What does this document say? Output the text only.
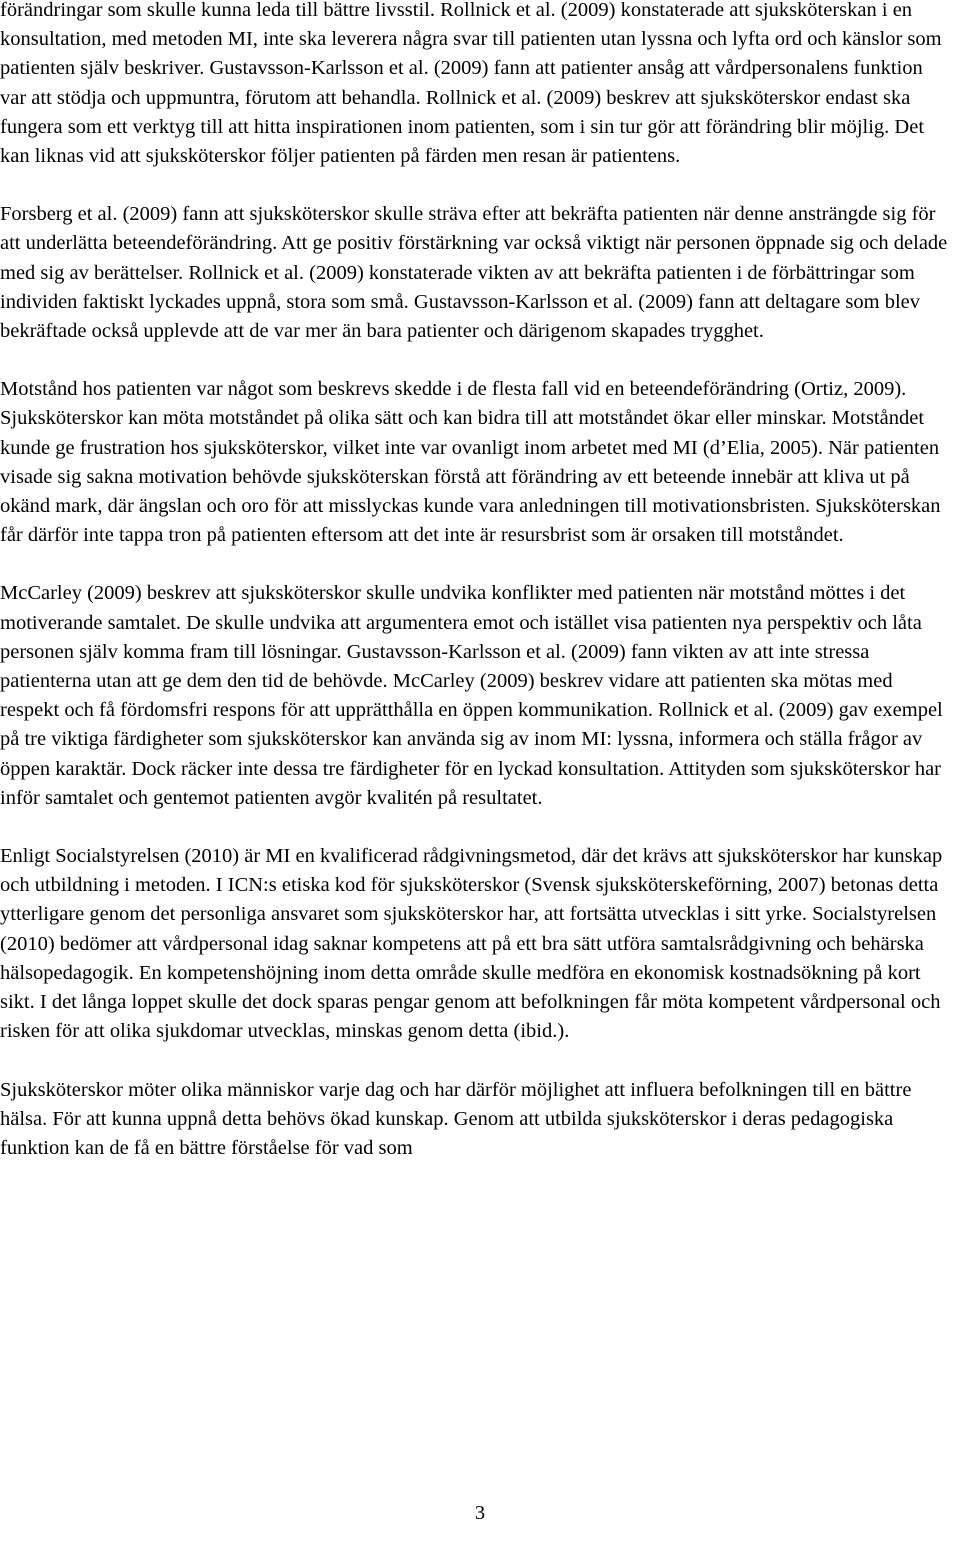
förändringar som skulle kunna leda till bättre livsstil. Rollnick et al. (2009) konstaterade att sjuksköterskan i en konsultation, med metoden MI, inte ska leverera några svar till patienten utan lyssna och lyfta ord och känslor som patienten själv beskriver. Gustavsson-Karlsson et al. (2009) fann att patienter ansåg att vårdpersonalens funktion var att stödja och uppmuntra, förutom att behandla. Rollnick et al. (2009) beskrev att sjuksköterskor endast ska fungera som ett verktyg till att hitta inspirationen inom patienten, som i sin tur gör att förändring blir möjlig. Det kan liknas vid att sjuksköterskor följer patienten på färden men resan är patientens.

Forsberg et al. (2009) fann att sjuksköterskor skulle sträva efter att bekräfta patienten när denne ansträngde sig för att underlätta beteendeförändring. Att ge positiv förstärkning var också viktigt när personen öppnade sig och delade med sig av berättelser. Rollnick et al. (2009) konstaterade vikten av att bekräfta patienten i de förbättringar som individen faktiskt lyckades uppnå, stora som små. Gustavsson-Karlsson et al. (2009) fann att deltagare som blev bekräftade också upplevde att de var mer än bara patienter och därigenom skapades trygghet.

Motstånd hos patienten var något som beskrevs skedde i de flesta fall vid en beteendeförändring (Ortiz, 2009). Sjuksköterskor kan möta motståndet på olika sätt och kan bidra till att motståndet ökar eller minskar. Motståndet kunde ge frustration hos sjuksköterskor, vilket inte var ovanligt inom arbetet med MI (d’Elia, 2005). När patienten visade sig sakna motivation behövde sjuksköterskan förstå att förändring av ett beteende innebär att kliva ut på okänd mark, där ängslan och oro för att misslyckas kunde vara anledningen till motivationsbristen. Sjuksköterskan får därför inte tappa tron på patienten eftersom att det inte är resursbrist som är orsaken till motståndet.

McCarley (2009) beskrev att sjuksköterskor skulle undvika konflikter med patienten när motstånd möttes i det motiverande samtalet. De skulle undvika att argumentera emot och istället visa patienten nya perspektiv och låta personen själv komma fram till lösningar. Gustavsson-Karlsson et al. (2009) fann vikten av att inte stressa patienterna utan att ge dem den tid de behövde. McCarley (2009) beskrev vidare att patienten ska mötas med respekt och få fördomsfri respons för att upprätthålla en öppen kommunikation. Rollnick et al. (2009) gav exempel på tre viktiga färdigheter som sjuksköterskor kan använda sig av inom MI: lyssna, informera och ställa frågor av öppen karaktär. Dock räcker inte dessa tre färdigheter för en lyckad konsultation. Attityden som sjuksköterskor har inför samtalet och gentemot patienten avgör kvalitén på resultatet.

Enligt Socialstyrelsen (2010) är MI en kvalificerad rådgivningsmetod, där det krävs att sjuksköterskor har kunskap och utbildning i metoden. I ICN:s etiska kod för sjuksköterskor (Svensk sjuksköterskeförning, 2007) betonas detta ytterligare genom det personliga ansvaret som sjuksköterskor har, att fortsätta utvecklas i sitt yrke. Socialstyrelsen (2010) bedömer att vårdpersonal idag saknar kompetens att på ett bra sätt utföra samtalsrådgivning och behärska hälsopedagogik. En kompetenshöjning inom detta område skulle medföra en ekonomisk kostnadsökning på kort sikt. I det långa loppet skulle det dock sparas pengar genom att befolkningen får möta kompetent vårdpersonal och risken för att olika sjukdomar utvecklas, minskas genom detta (ibid.).

Sjuksköterskor möter olika människor varje dag och har därför möjlighet att influera befolkningen till en bättre hälsa. För att kunna uppnå detta behövs ökad kunskap. Genom att utbilda sjuksköterskor i deras pedagogiska funktion kan de få en bättre förståelse för vad som

3
